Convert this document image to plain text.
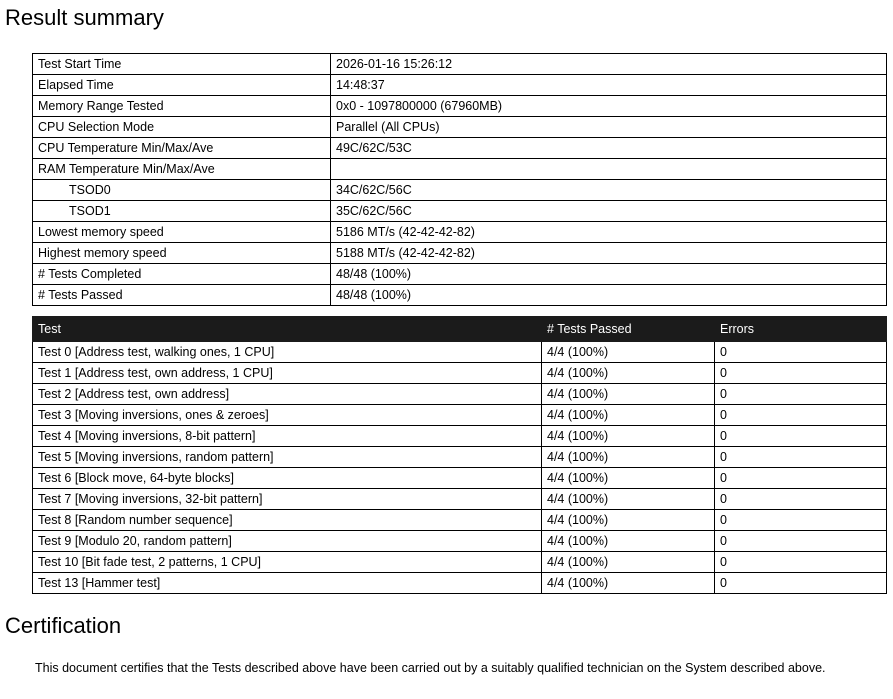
Result summary
Test Start Time	2026-01-16 15:26:12
Elapsed Time	14:48:37
Memory Range Tested	0x0 - 1097800000 (67960MB)
CPU Selection Mode	Parallel (All CPUs)
CPU Temperature Min/Max/Ave	49C/62C/53C
RAM Temperature Min/Max/Ave	
TSOD0	34C/62C/56C
TSOD1	35C/62C/56C
Lowest memory speed	5186 MT/s (42-42-42-82)
Highest memory speed	5188 MT/s (42-42-42-82)
# Tests Completed	48/48 (100%)
# Tests Passed	48/48 (100%)
Test	# Tests Passed	Errors
Test 0 [Address test, walking ones, 1 CPU]	4/4 (100%)	0
Test 1 [Address test, own address, 1 CPU]	4/4 (100%)	0
Test 2 [Address test, own address]	4/4 (100%)	0
Test 3 [Moving inversions, ones & zeroes]	4/4 (100%)	0
Test 4 [Moving inversions, 8-bit pattern]	4/4 (100%)	0
Test 5 [Moving inversions, random pattern]	4/4 (100%)	0
Test 6 [Block move, 64-byte blocks]	4/4 (100%)	0
Test 7 [Moving inversions, 32-bit pattern]	4/4 (100%)	0
Test 8 [Random number sequence]	4/4 (100%)	0
Test 9 [Modulo 20, random pattern]	4/4 (100%)	0
Test 10 [Bit fade test, 2 patterns, 1 CPU]	4/4 (100%)	0
Test 13 [Hammer test]	4/4 (100%)	0
Certification

This document certifies that the Tests described above have been carried out by a suitably qualified technician on the System described above.
